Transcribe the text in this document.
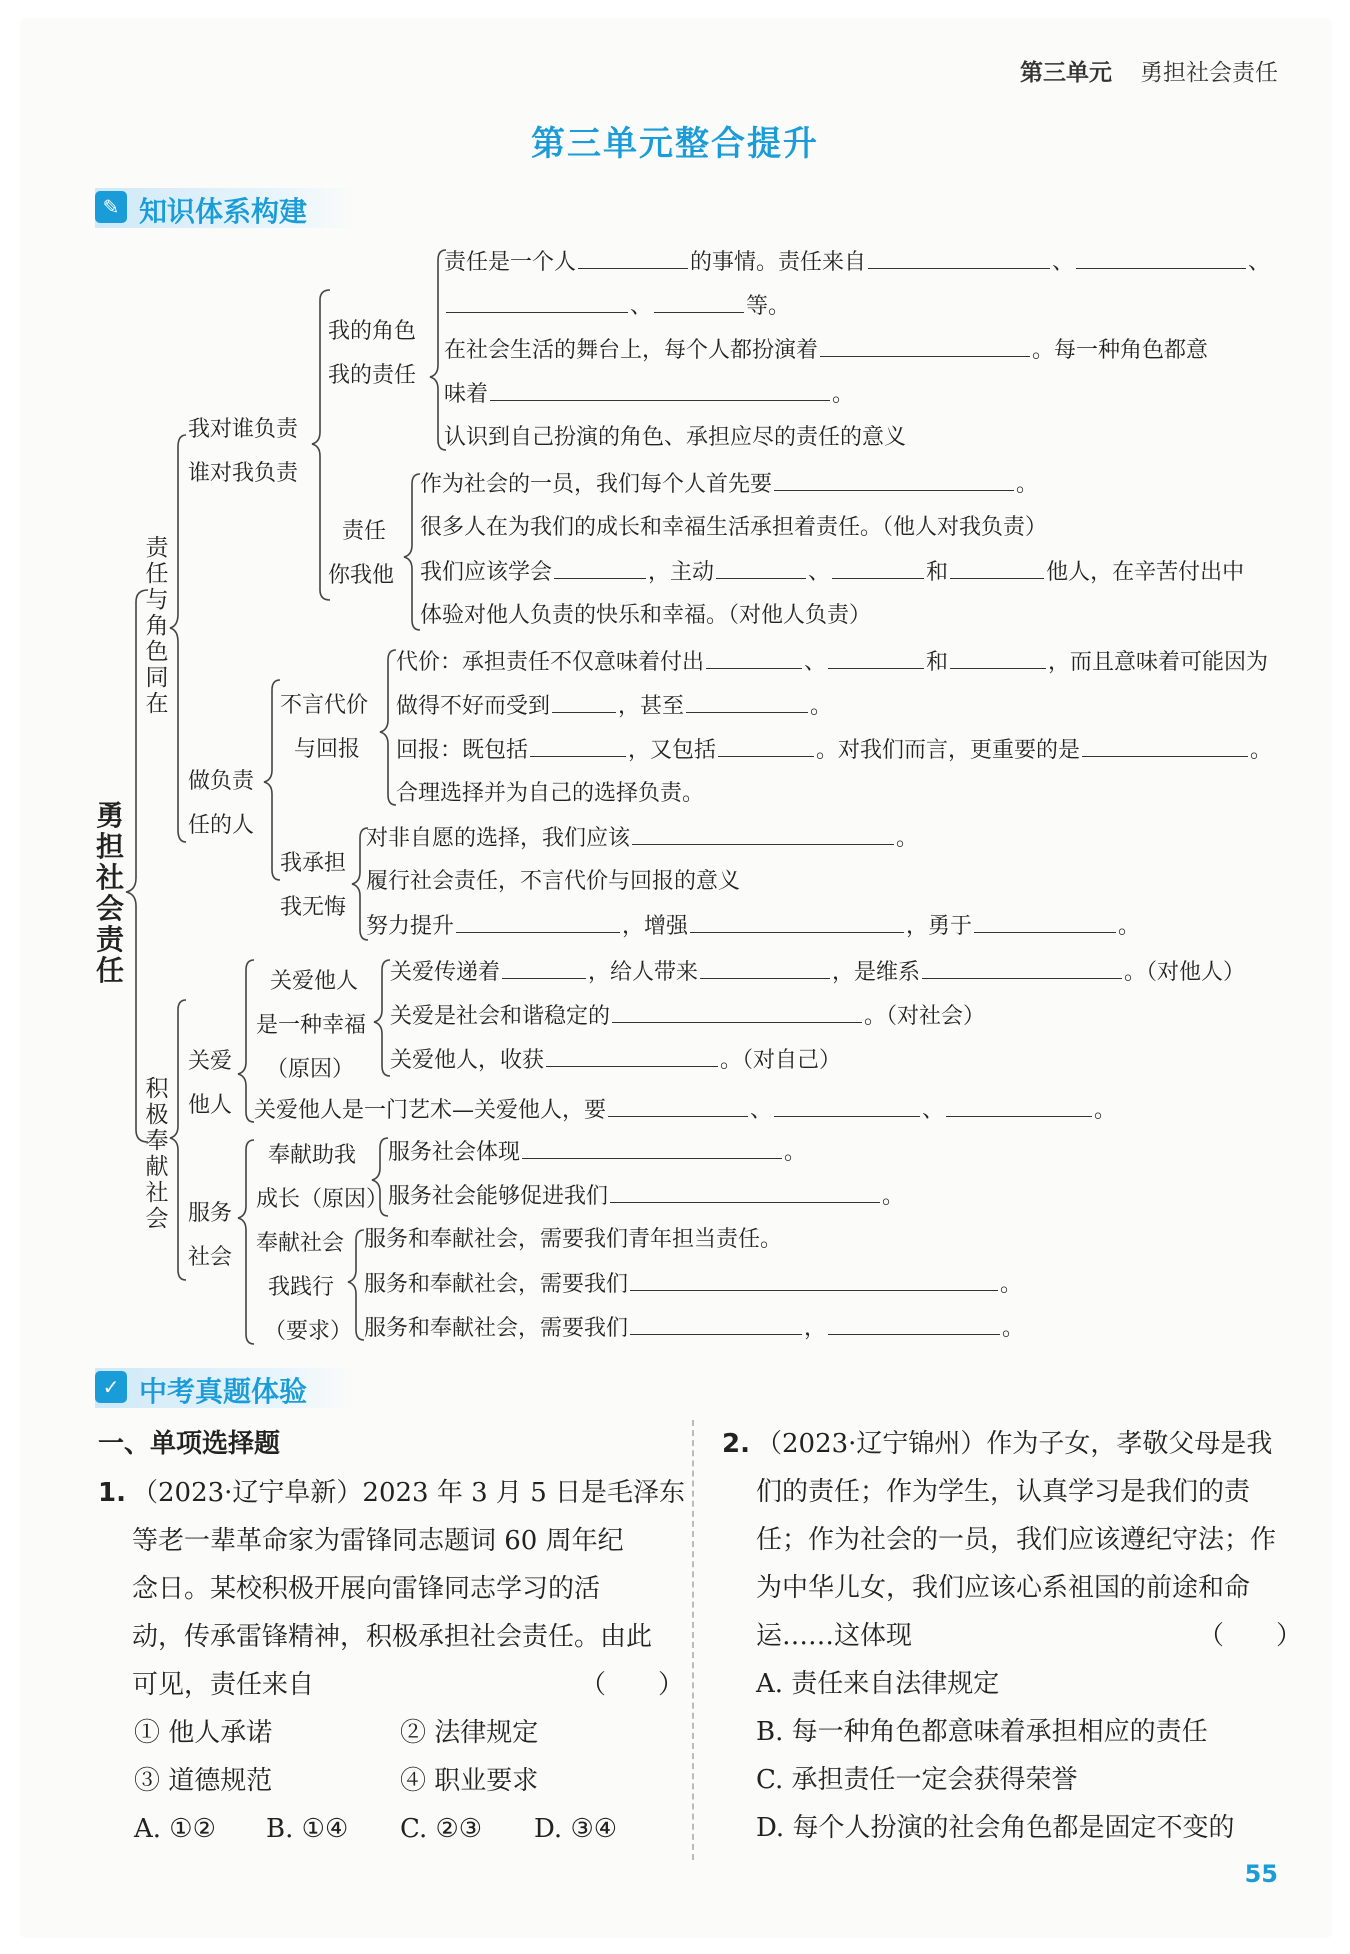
第三单元 勇担社会责任
第三单元整合提升
✎ 知识体系构建
勇担社会责任
责任与角色同在
积极奉献社会
我对谁负责
谁对我负责
我的角色
我的责任
责任
你我他
做负责
任的人
不言代价
与回报
我承担
我无悔
关爱
他人
关爱他人
是一种幸福
（原因）
服务
社会
奉献助我
成长（原因）
奉献社会
我践行
（要求）
责任是一个人	的事情。责任来自	、	、
、	等。
在社会生活的舞台上，每个人都扮演着	。每一种角色都意
味着	。
认识到自己扮演的角色、承担应尽的责任的意义
作为社会的一员，我们每个人首先要	。
很多人在为我们的成长和幸福生活承担着责任。（他人对我负责）
我们应该学会	，主动	、	和	他人，在辛苦付出中
体验对他人负责的快乐和幸福。（对他人负责）
代价：承担责任不仅意味着付出	、	和	，而且意味着可能因为
做得不好而受到	，甚至	。
回报：既包括	，又包括	。对我们而言，更重要的是	。
合理选择并为自己的选择负责。
对非自愿的选择，我们应该	。
履行社会责任，不言代价与回报的意义
努力提升	，增强	，勇于	。
关爱传递着	，给人带来	，是维系	。（对他人）
关爱是社会和谐稳定的	。（对社会）
关爱他人，收获	。（对自己）
关爱他人是一门艺术—关爱他人，要	、	、	。
服务社会体现	。
服务社会能够促进我们	。
服务和奉献社会，需要我们青年担当责任。
服务和奉献社会，需要我们	。
服务和奉献社会，需要我们	，	。
✓ 中考真题体验
一、单项选择题
1. （2023·辽宁阜新）2023 年 3 月 5 日是毛泽东
等老一辈革命家为雷锋同志题词 60 周年纪
念日。某校积极开展向雷锋同志学习的活
动，传承雷锋精神，积极承担社会责任。由此
可见，责任来自	（　　）
① 他人承诺	② 法律规定
③ 道德规范	④ 职业要求
A. ①② B. ①④ C. ②③ D. ③④
2. （2023·辽宁锦州）作为子女，孝敬父母是我
们的责任；作为学生，认真学习是我们的责
任；作为社会的一员，我们应该遵纪守法；作
为中华儿女，我们应该心系祖国的前途和命
运……这体现	（　　）
A. 责任来自法律规定
B. 每一种角色都意味着承担相应的责任
C. 承担责任一定会获得荣誉
D. 每个人扮演的社会角色都是固定不变的
55
